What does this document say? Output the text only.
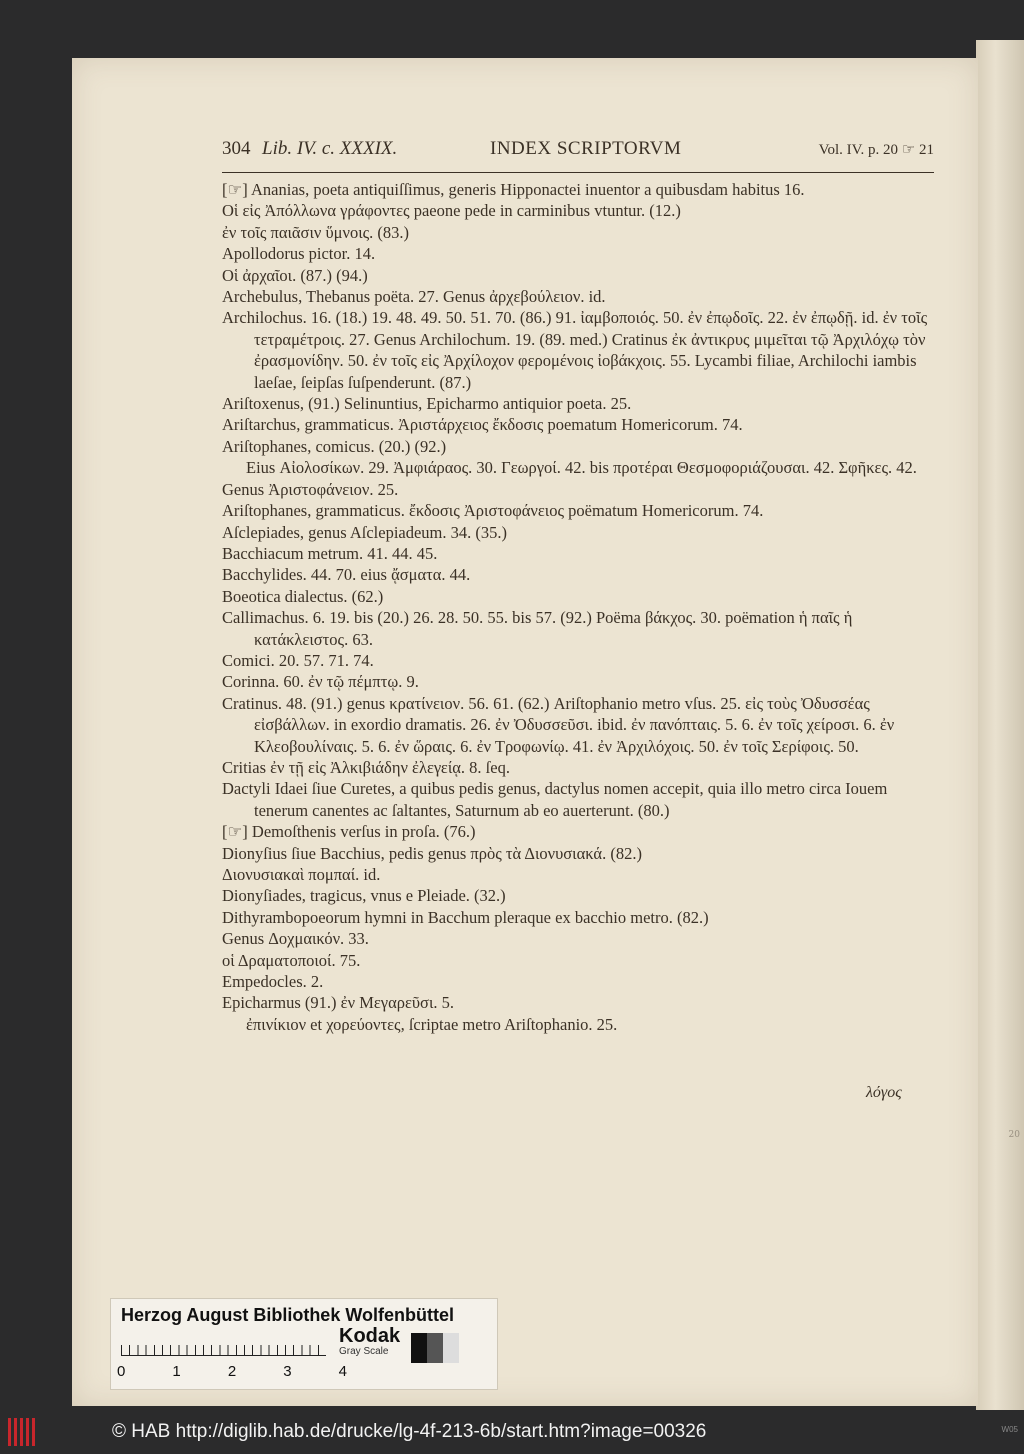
20
304 Lib. IV. c. XXXIX.	INDEX SCRIPTORVM	Vol. IV. p. 20 ☞ 21

[☞] Ananias, poeta antiquiſſimus, generis Hipponactei inuentor a quibusdam habitus 16.

Οἱ εἰς Ἀπόλλωνα γράφοντες paeone pede in carminibus vtuntur. (12.)

ἐν τοῖς παιᾶσιν ὕμνοις. (83.)

Apollodorus pictor. 14.

Οἱ ἀρχαῖοι. (87.) (94.)

Archebulus, Thebanus poëta. 27. Genus ἀρχεβούλειον. id.

Archilochus. 16. (18.) 19. 48. 49. 50. 51. 70. (86.) 91. ἰαμβοποιός. 50. ἐν ἐπῳδοῖς. 22. ἐν ἐπῳδῇ. id. ἐν τοῖς τετραμέτροις. 27. Genus Archilochum. 19. (89. med.) Cratinus ἐκ ἀντικρυς μιμεῖται τῷ Ἀρχιλόχῳ τὸν ἐρασμονίδην. 50. ἐν τοῖς εἰς Ἀρχίλοχον φερομένοις ἰοβάκχοις. 55. Lycambi filiae, Archilochi iambis laeſae, ſeipſas ſuſpenderunt. (87.)

Ariſtoxenus, (91.) Selinuntius, Epicharmo antiquior poeta. 25.

Ariſtarchus, grammaticus. Ἀριστάρχειος ἔκδοσις poematum Homericorum. 74.

Ariſtophanes, comicus. (20.) (92.)

Eius Αἰολοσίκων. 29. Ἀμφιάραος. 30. Γεωργοί. 42. bis προτέραι Θεσμοφοριάζουσαι. 42. Σφῆκες. 42.

Genus Ἀριστοφάνειον. 25.

Ariſtophanes, grammaticus. ἔκδοσις Ἀριστοφάνειος poëmatum Homericorum. 74.

Aſclepiades, genus Aſclepiadeum. 34. (35.)

Bacchiacum metrum. 41. 44. 45.

Bacchylides. 44. 70. eius ᾄσματα. 44.

Boeotica dialectus. (62.)

Callimachus. 6. 19. bis (20.) 26. 28. 50. 55. bis 57. (92.) Poëma βάκχος. 30. poëmation ἡ παῖς ἡ κατάκλειστος. 63.

Comici. 20. 57. 71. 74.

Corinna. 60. ἐν τῷ πέμπτῳ. 9.

Cratinus. 48. (91.) genus κρατίνειον. 56. 61. (62.) Ariſtophanio metro vſus. 25. εἰς τοὺς Ὀδυσσέας εἰσβάλλων. in exordio dramatis. 26. ἐν Ὀδυσσεῦσι. ibid. ἐν πανόπταις. 5. 6. ἐν τοῖς χείροσι. 6. ἐν Κλεοβουλίναις. 5. 6. ἐν ὥραις. 6. ἐν Τροφωνίῳ. 41. ἐν Ἀρχιλόχοις. 50. ἐν τοῖς Σερίφοις. 50.

Critias ἐν τῇ εἰς Ἀλκιβιάδην ἐλεγείᾳ. 8. ſeq.

Dactyli Idaei ſiue Curetes, a quibus pedis genus, dactylus nomen accepit, quia illo metro circa Iouem tenerum canentes ac ſaltantes, Saturnum ab eo auerterunt. (80.)

[☞] Demoſthenis verſus in proſa. (76.)

Dionyſius ſiue Bacchius, pedis genus πρὸς τὰ Διονυσιακά. (82.)

Διονυσιακαὶ πομπαί. id.

Dionyſiades, tragicus, vnus e Pleiade. (32.)

Dithyrambopoeorum hymni in Bacchum pleraque ex bacchio metro. (82.)

Genus Δοχμαικόν. 33.

οἱ Δραματοποιοί. 75.

Empedocles. 2.

Epicharmus (91.) ἐν Μεγαρεῦσι. 5.

ἐπινίκιον et χορεύοντες, ſcriptae metro Ariſtophanio. 25.

λόγος
Herzog August Bibliothek Wolfenbüttel
0	1	2	3	4
Kodak
Gray Scale
© HAB http://diglib.hab.de/drucke/lg-4f-213-6b/start.htm?image=00326	W05
